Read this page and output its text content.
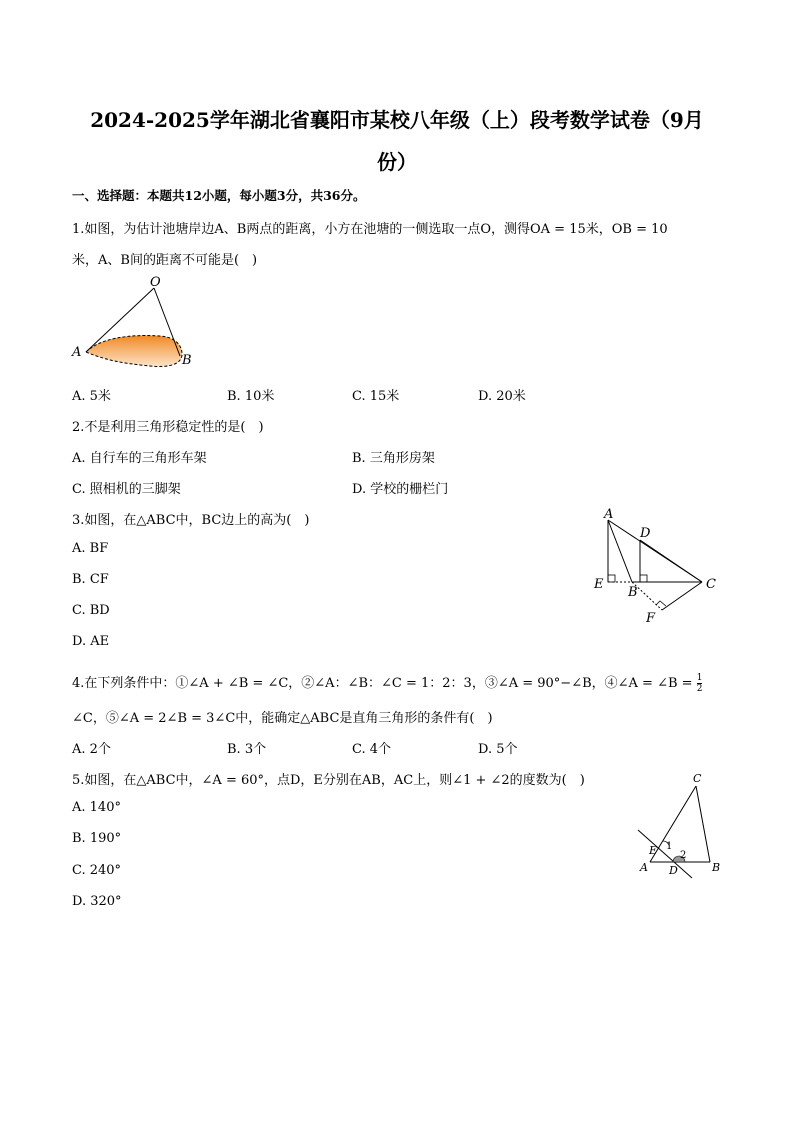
2024-2025学年湖北省襄阳市某校八年级（上）段考数学试卷（9月
份）
一、选择题：本题共12小题，每小题3分，共36分。
1.如图，为估计池塘岸边A、B两点的距离，小方在池塘的一侧选取一点O，测得OA = 15米，OB = 10
米，A、B间的距离不可能是(　)
O
A
B
A. 5米	B. 10米	C. 15米	D. 20米
2.不是利用三角形稳定性的是(　)
A. 自行车的三角形车架	B. 三角形房架
C. 照相机的三脚架	D. 学校的栅栏门
3.如图，在△ABC中，BC边上的高为(　)
A. BF
B. CF
C. BD
D. AE
A
D
E
B
C
F
4.在下列条件中：①∠A + ∠B = ∠C，②∠A：∠B：∠C = 1：2：3，③∠A = 90°−∠B，④∠A = ∠B = $\frac{1}{2}$
∠C，⑤∠A = 2∠B = 3∠C中，能确定△ABC是直角三角形的条件有(　)
A. 2个	B. 3个	C. 4个	D. 5个
5.如图，在△ABC中，∠A = 60°，点D，E分别在AB，AC上，则∠1 + ∠2的度数为(　)
A. 140°
B. 190°
C. 240°
D. 320°
C
E
A D	B
1
2
